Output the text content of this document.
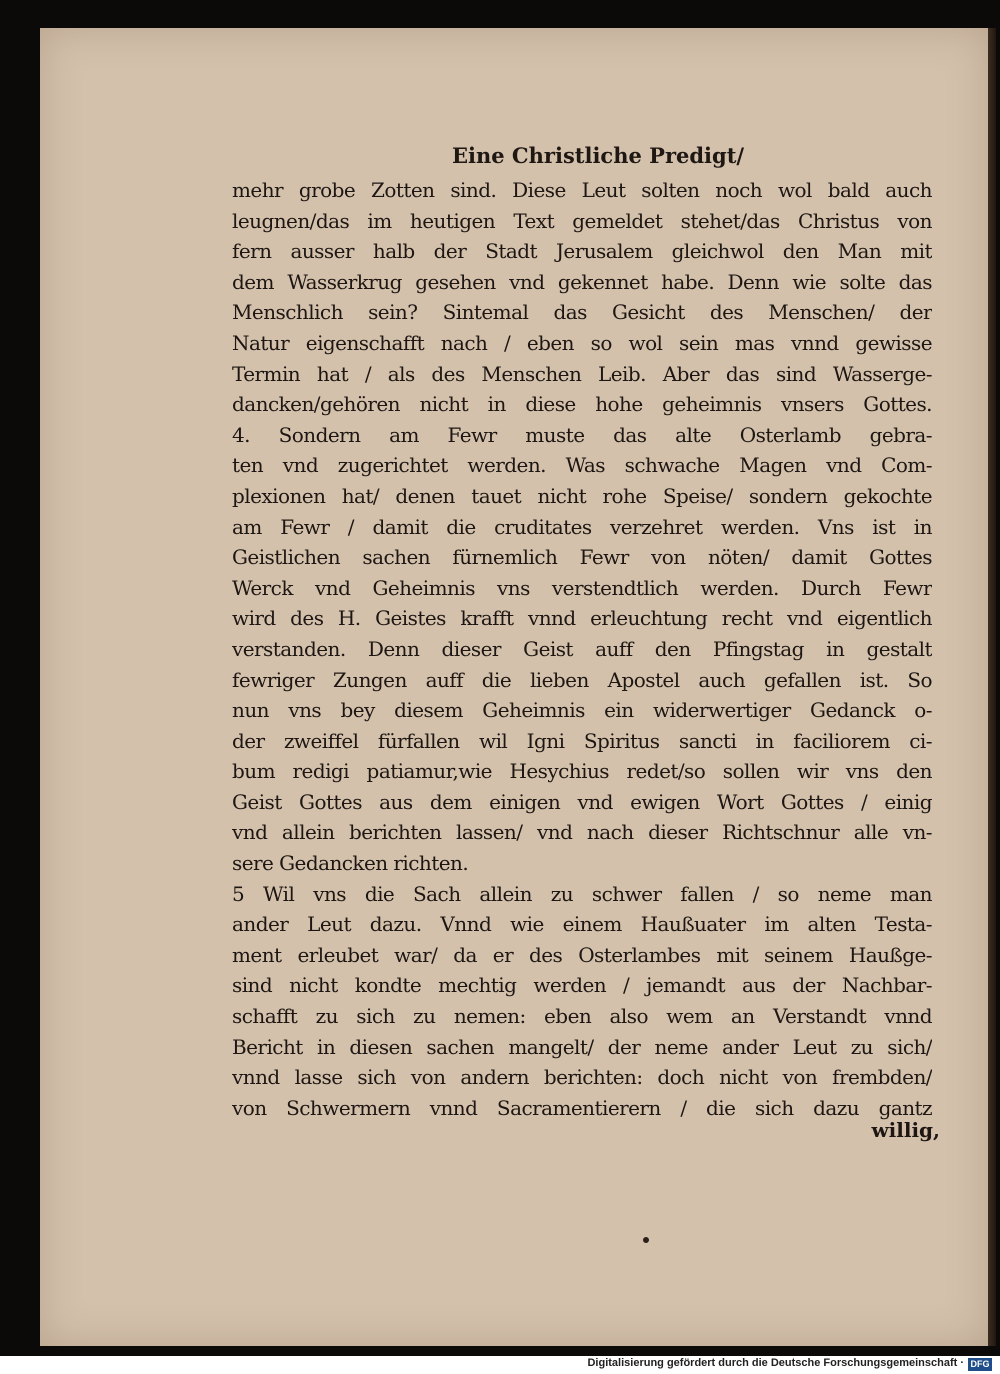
Eine Christliche Predigt/
mehr grobe Zotten sind. Diese Leut solten noch wol bald auch
leugnen/das im heutigen Text gemeldet stehet/das Christus von
fern ausser halb der Stadt Jerusalem gleichwol den Man mit
dem Wasserkrug gesehen vnd gekennet habe. Denn wie solte das
Menschlich sein? Sintemal das Gesicht des Menschen/ der
Natur eigenschafft nach / eben so wol sein mas vnnd gewisse
Termin hat / als des Menschen Leib. Aber das sind Wasserge-
dancken/gehören nicht in diese hohe geheimnis vnsers Gottes.
4. Sondern am Fewr muste das alte Osterlamb gebra-
ten vnd zugerichtet werden. Was schwache Magen vnd Com-
plexionen hat/ denen tauet nicht rohe Speise/ sondern gekochte
am Fewr / damit die cruditates verzehret werden. Vns ist in
Geistlichen sachen fürnemlich Fewr von nöten/ damit Gottes
Werck vnd Geheimnis vns verstendtlich werden. Durch Fewr
wird des H. Geistes krafft vnnd erleuchtung recht vnd eigentlich
verstanden. Denn dieser Geist auff den Pfingstag in gestalt
fewriger Zungen auff die lieben Apostel auch gefallen ist. So
nun vns bey diesem Geheimnis ein widerwertiger Gedanck o-
der zweiffel fürfallen wil Igni Spiritus sancti in faciliorem ci-
bum redigi patiamur,wie Hesychius redet/so sollen wir vns den
Geist Gottes aus dem einigen vnd ewigen Wort Gottes / einig
vnd allein berichten lassen/ vnd nach dieser Richtschnur alle vn-
sere Gedancken richten.
5 Wil vns die Sach allein zu schwer fallen / so neme man
ander Leut dazu. Vnnd wie einem Haußuater im alten Testa-
ment erleubet war/ da er des Osterlambes mit seinem Haußge-
sind nicht kondte mechtig werden / jemandt aus der Nachbar-
schafft zu sich zu nemen: eben also wem an Verstandt vnnd
Bericht in diesen sachen mangelt/ der neme ander Leut zu sich/
vnnd lasse sich von andern berichten: doch nicht von frembden/
von Schwermern vnnd Sacramentierern / die sich dazu gantz
willig,
Digitalisierung gefördert durch die Deutsche Forschungsgemeinschaft · DFG
